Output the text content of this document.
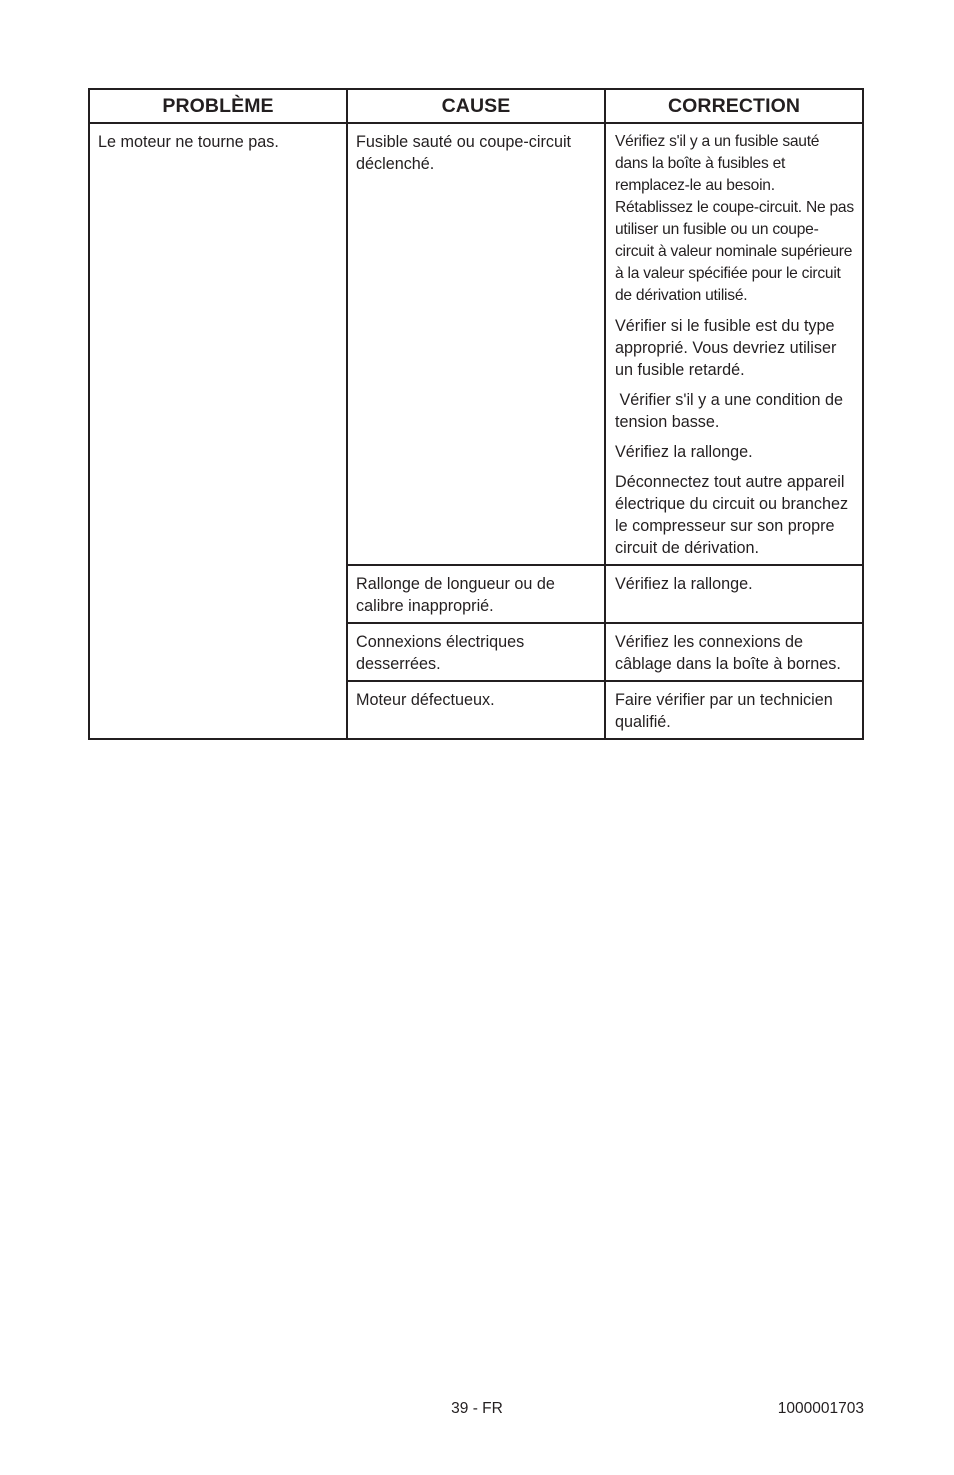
PROBLÈME	CAUSE	CORRECTION
Le moteur ne tourne pas.	Fusible sauté ou coupe-circuit déclenché.	Vérifiez s'il y a un fusible sauté dans la boîte à fusibles et remplacez-le au besoin. Rétablissez le coupe-circuit. Ne pas utiliser un fusible ou un coupe-circuit à valeur nominale supérieure à la valeur spécifiée pour le circuit de dérivation utilisé.

Vérifier si le fusible est du type approprié. Vous devriez utiliser un fusible retardé.

Vérifier s'il y a une condition de tension basse.

Vérifiez la rallonge.

Déconnectez tout autre appareil électrique du circuit ou branchez le compresseur sur son propre circuit de dérivation.

	Rallonge de longueur ou de calibre inapproprié.	Vérifiez la rallonge.

	Connexions électriques desserrées.	Vérifiez les connexions de câblage dans la boîte à bornes.

	Moteur défectueux.	Faire vérifier par un technicien qualifié.

39 - FR	1000001703
